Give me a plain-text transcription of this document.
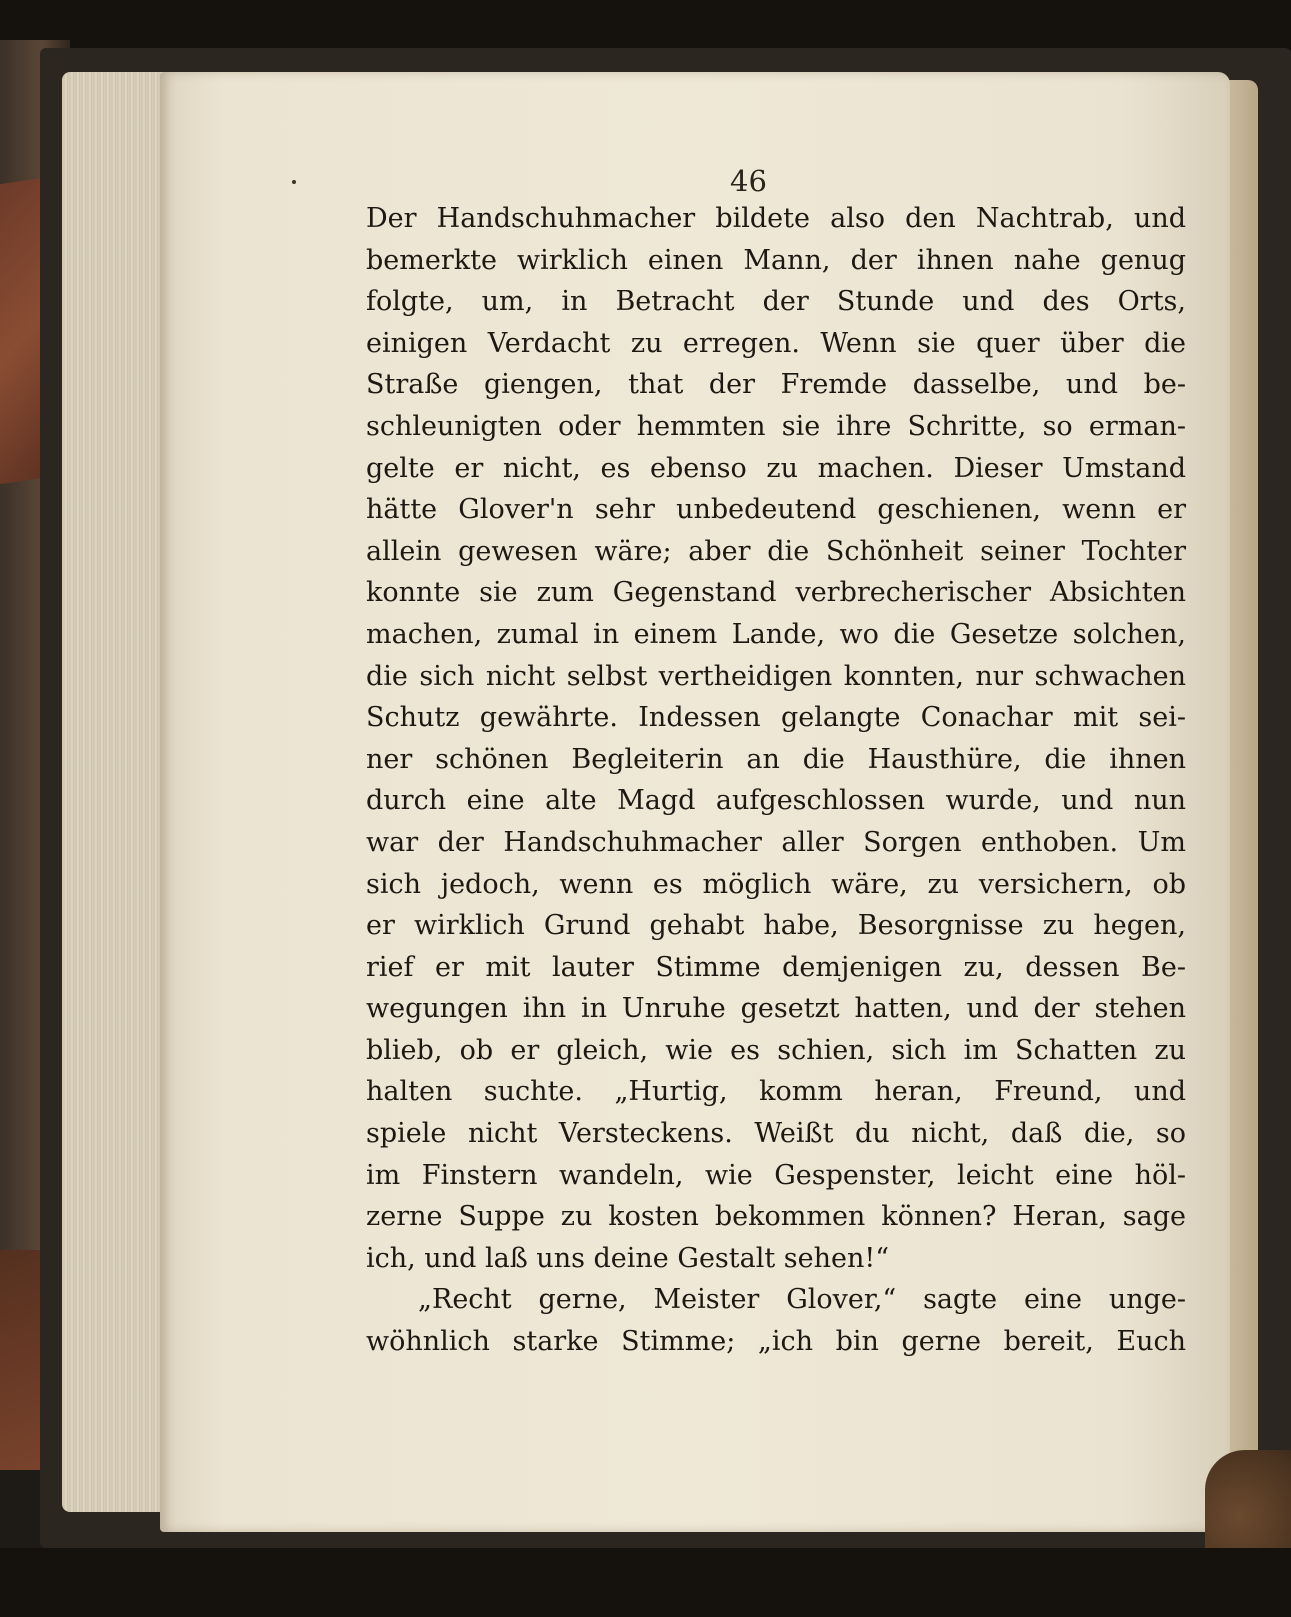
46
Der Handschuhmacher bildete also den Nachtrab, und
bemerkte wirklich einen Mann, der ihnen nahe genug
folgte, um, in Betracht der Stunde und des Orts,
einigen Verdacht zu erregen. Wenn sie quer über die
Straße giengen, that der Fremde dasselbe, und be-
schleunigten oder hemmten sie ihre Schritte, so erman-
gelte er nicht, es ebenso zu machen. Dieser Umstand
hätte Glover'n sehr unbedeutend geschienen, wenn er
allein gewesen wäre; aber die Schönheit seiner Tochter
konnte sie zum Gegenstand verbrecherischer Absichten
machen, zumal in einem Lande, wo die Gesetze solchen,
die sich nicht selbst vertheidigen konnten, nur schwachen
Schutz gewährte. Indessen gelangte Conachar mit sei-
ner schönen Begleiterin an die Hausthüre, die ihnen
durch eine alte Magd aufgeschlossen wurde, und nun
war der Handschuhmacher aller Sorgen enthoben. Um
sich jedoch, wenn es möglich wäre, zu versichern, ob
er wirklich Grund gehabt habe, Besorgnisse zu hegen,
rief er mit lauter Stimme demjenigen zu, dessen Be-
wegungen ihn in Unruhe gesetzt hatten, und der stehen
blieb, ob er gleich, wie es schien, sich im Schatten zu
halten suchte. „Hurtig, komm heran, Freund, und
spiele nicht Versteckens. Weißt du nicht, daß die, so
im Finstern wandeln, wie Gespenster, leicht eine höl-
zerne Suppe zu kosten bekommen können? Heran, sage
ich, und laß uns deine Gestalt sehen!“
„Recht gerne, Meister Glover,“ sagte eine unge-
wöhnlich starke Stimme; „ich bin gerne bereit, Euch
